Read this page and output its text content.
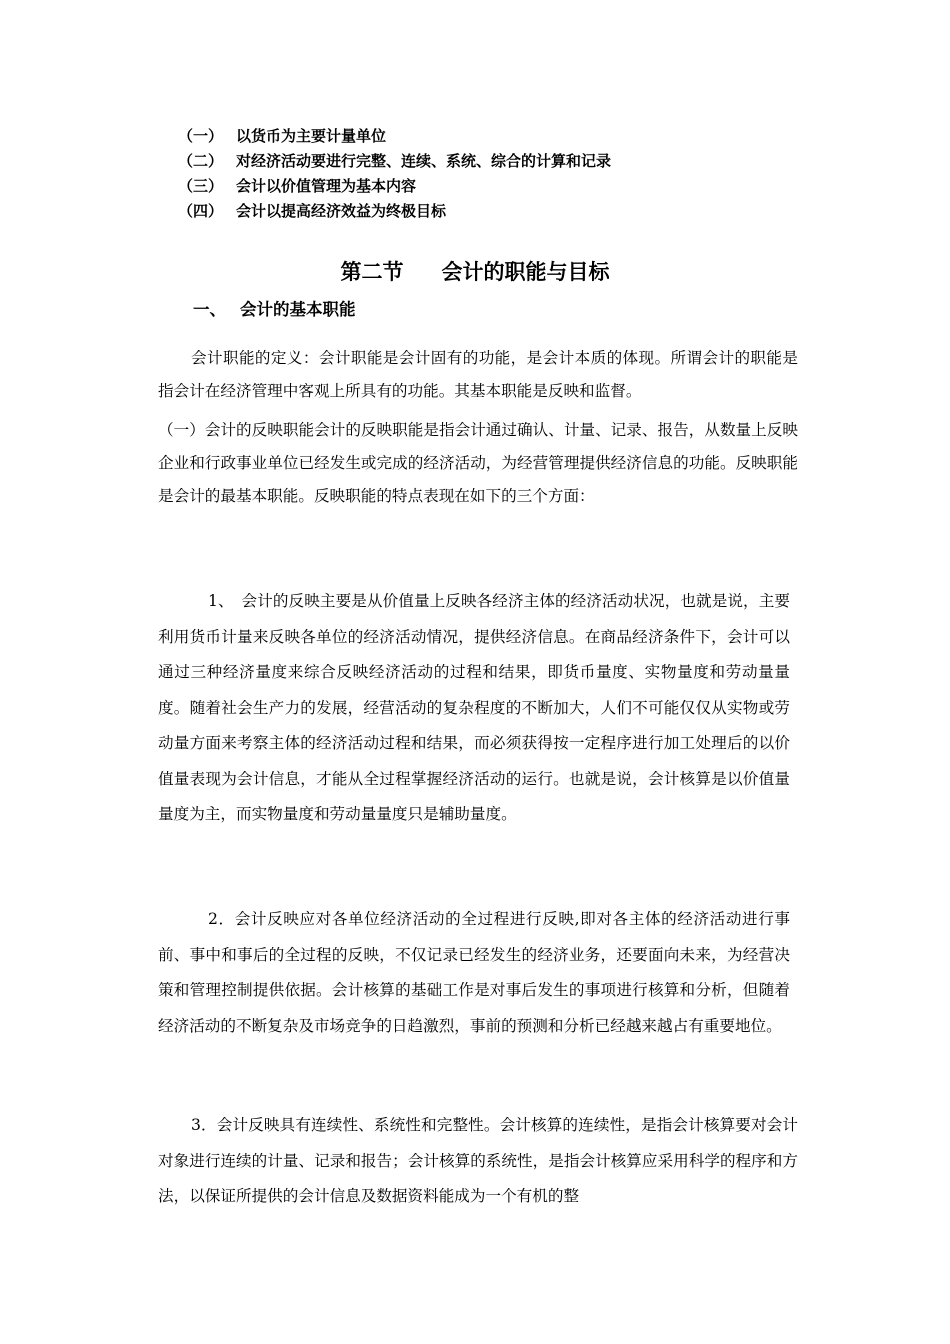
（一） 以货币为主要计量单位
（二） 对经济活动要进行完整、连续、系统、综合的计算和记录
（三） 会计以价值管理为基本内容
（四） 会计以提高经济效益为终极目标
第二节 会计的职能与目标
一、 会计的基本职能

会计职能的定义：会计职能是会计固有的功能，是会计本质的体现。所谓会计的职能是指会计在经济管理中客观上所具有的功能。其基本职能是反映和监督。

（一）会计的反映职能会计的反映职能是指会计通过确认、计量、记录、报告，从数量上反映企业和行政事业单位已经发生或完成的经济活动，为经营管理提供经济信息的功能。反映职能是会计的最基本职能。反映职能的特点表现在如下的三个方面：

1、　会计的反映主要是从价值量上反映各经济主体的经济活动状况，也就是说，主要利用货币计量来反映各单位的经济活动情况，提供经济信息。在商品经济条件下，会计可以通过三种经济量度来综合反映经济活动的过程和结果，即货币量度、实物量度和劳动量量度。随着社会生产力的发展，经营活动的复杂程度的不断加大，人们不可能仅仅从实物或劳动量方面来考察主体的经济活动过程和结果，而必须获得按一定程序进行加工处理后的以价值量表现为会计信息，才能从全过程掌握经济活动的运行。也就是说，会计核算是以价值量量度为主，而实物量度和劳动量量度只是辅助量度。

2．会计反映应对各单位经济活动的全过程进行反映,即对各主体的经济活动进行事前、事中和事后的全过程的反映，不仅记录已经发生的经济业务，还要面向未来，为经营决策和管理控制提供依据。会计核算的基础工作是对事后发生的事项进行核算和分析，但随着经济活动的不断复杂及市场竞争的日趋激烈，事前的预测和分析已经越来越占有重要地位。

3．会计反映具有连续性、系统性和完整性。会计核算的连续性，是指会计核算要对会计对象进行连续的计量、记录和报告；会计核算的系统性，是指会计核算应采用科学的程序和方法，以保证所提供的会计信息及数据资料能成为一个有机的整
